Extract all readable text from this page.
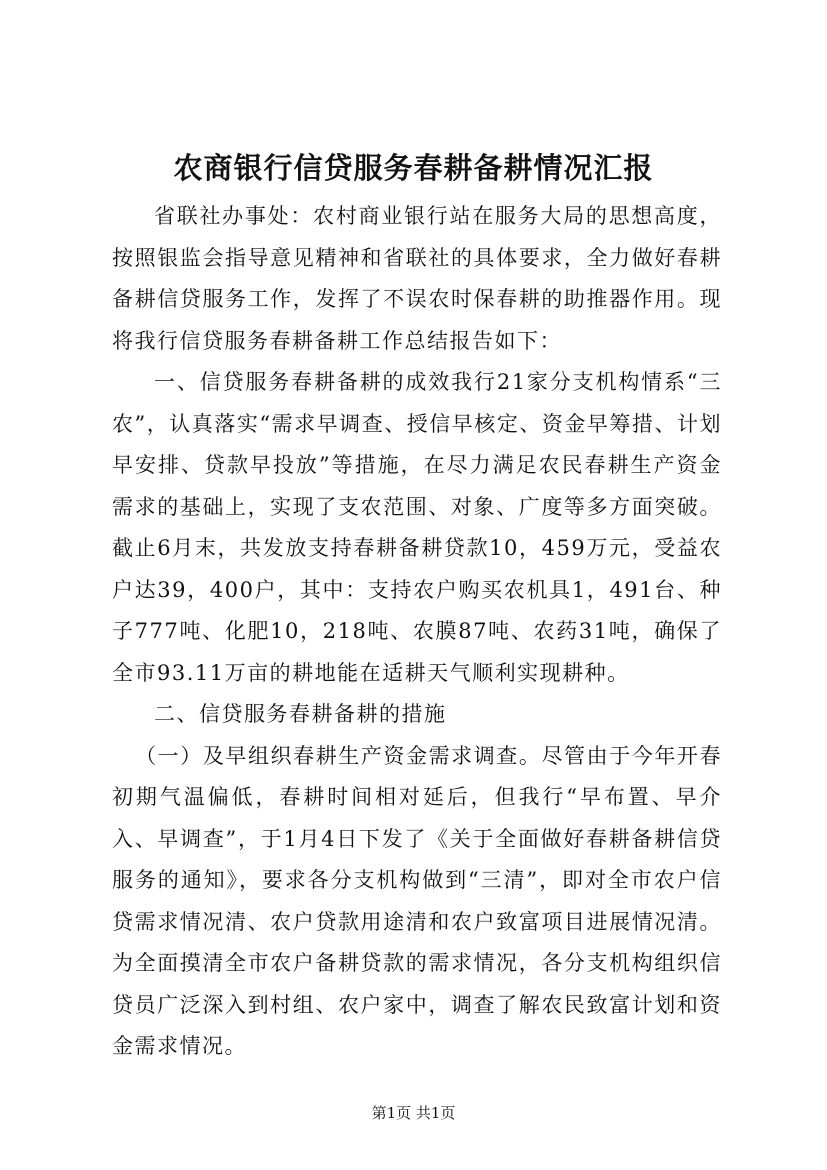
农商银行信贷服务春耕备耕情况汇报

省联社办事处：农村商业银行站在服务大局的思想高度，按照银监会指导意见精神和省联社的具体要求，全力做好春耕备耕信贷服务工作，发挥了不误农时保春耕的助推器作用。现将我行信贷服务春耕备耕工作总结报告如下：

一、信贷服务春耕备耕的成效我行21家分支机构情系“三农”，认真落实“需求早调查、授信早核定、资金早筹措、计划早安排、贷款早投放”等措施，在尽力满足农民春耕生产资金需求的基础上，实现了支农范围、对象、广度等多方面突破。截止6月末，共发放支持春耕备耕贷款10，459万元，受益农户达39，400户，其中：支持农户购买农机具1，491台、种子777吨、化肥10，218吨、农膜87吨、农药31吨，确保了全市93.11万亩的耕地能在适耕天气顺利实现耕种。

二、信贷服务春耕备耕的措施

（一）及早组织春耕生产资金需求调查。尽管由于今年开春初期气温偏低，春耕时间相对延后，但我行“早布置、早介入、早调查”，于1月4日下发了《关于全面做好春耕备耕信贷服务的通知》，要求各分支机构做到“三清”，即对全市农户信贷需求情况清、农户贷款用途清和农户致富项目进展情况清。为全面摸清全市农户备耕贷款的需求情况，各分支机构组织信贷员广泛深入到村组、农户家中，调查了解农民致富计划和资金需求情况。

第1页 共1页
